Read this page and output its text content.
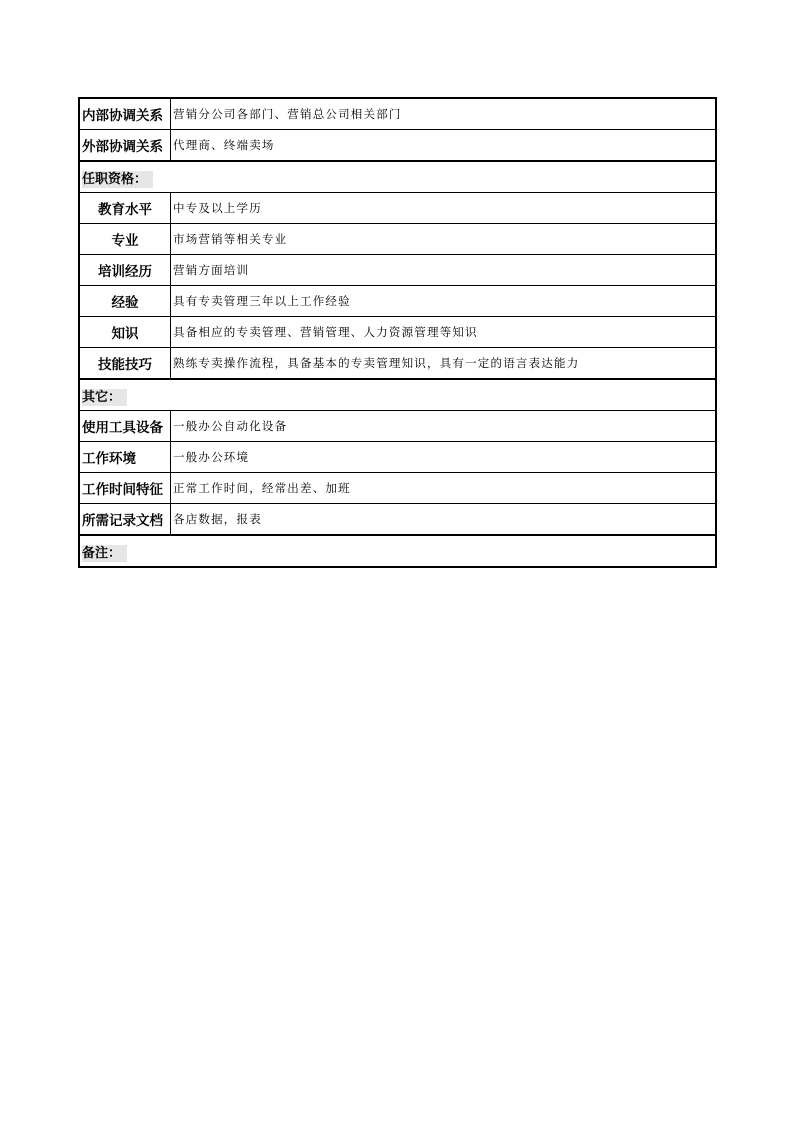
内部协调关系	营销分公司各部门、营销总公司相关部门
外部协调关系	代理商、终端卖场
任职资格：	
教育水平	中专及以上学历
专业	市场营销等相关专业
培训经历	营销方面培训
经验	具有专卖管理三年以上工作经验
知识	具备相应的专卖管理、营销管理、人力资源管理等知识
技能技巧	熟练专卖操作流程，具备基本的专卖管理知识，具有一定的语言表达能力
其它：	
使用工具设备	一般办公自动化设备
工作环境	一般办公环境
工作时间特征	正常工作时间，经常出差、加班
所需记录文档	各店数据，报表
备注：	
